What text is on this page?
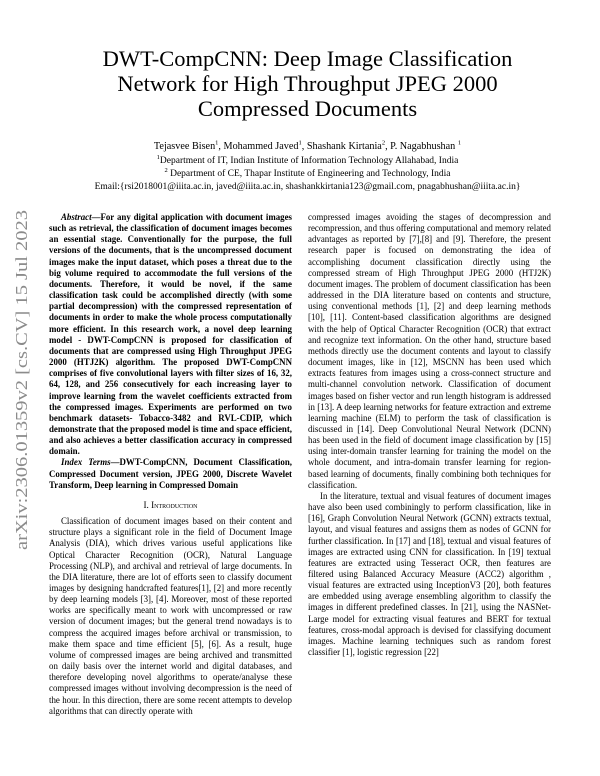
arXiv:2306.01359v2 [cs.CV] 15 Jul 2023
DWT-CompCNN: Deep Image Classification Network for High Throughput JPEG 2000 Compressed Documents
Tejasvee Bisen$^1$, Mohammed Javed$^1$, Shashank Kirtania$^2$, P. Nagabhushan $^1$
$^1$Department of IT, Indian Institute of Information Technology Allahabad, India
$^2$ Department of CE, Thapar Institute of Engineering and Technology, India
Email:{rsi2018001@iiita.ac.in, javed@iiita.ac.in, shashankkirtania123@gmail.com, pnagabhushan@iiita.ac.in}

Abstract—For any digital application with document images such as retrieval, the classification of document images becomes an essential stage. Conventionally for the purpose, the full versions of the documents, that is the uncompressed document images make the input dataset, which poses a threat due to the big volume required to accommodate the full versions of the documents. Therefore, it would be novel, if the same classification task could be accomplished directly (with some partial decompression) with the compressed representation of documents in order to make the whole process computationally more efficient. In this research work, a novel deep learning model - DWT-CompCNN is proposed for classification of documents that are compressed using High Throughput JPEG 2000 (HTJ2K) algorithm. The proposed DWT-CompCNN comprises of five convolutional layers with filter sizes of 16, 32, 64, 128, and 256 consecutively for each increasing layer to improve learning from the wavelet coefficients extracted from the compressed images. Experiments are performed on two benchmark datasets- Tobacco-3482 and RVL-CDIP, which demonstrate that the proposed model is time and space efficient, and also achieves a better classification accuracy in compressed domain.

Index Terms—DWT-CompCNN, Document Classification, Compressed Document version, JPEG 2000, Discrete Wavelet Transform, Deep learning in Compressed Domain

I. Introduction

Classification of document images based on their content and structure plays a significant role in the field of Document Image Analysis (DIA), which drives various useful applications like Optical Character Recognition (OCR), Natural Language Processing (NLP), and archival and retrieval of large documents. In the DIA literature, there are lot of efforts seen to classify document images by designing handcrafted features[1], [2] and more recently by deep learning models [3], [4]. Moreover, most of these reported works are specifically meant to work with uncompressed or raw version of document images; but the general trend nowadays is to compress the acquired images before archival or transmission, to make them space and time efficient [5], [6]. As a result, huge volume of compressed images are being archived and transmitted on daily basis over the internet world and digital databases, and therefore developing novel algorithms to operate/analyse these compressed images without involving decompression is the need of the hour. In this direction, there are some recent attempts to develop algorithms that can directly operate with

compressed images avoiding the stages of decompression and recompression, and thus offering computational and memory related advantages as reported by [7],[8] and [9]. Therefore, the present research paper is focused on demonstrating the idea of accomplishing document classification directly using the compressed stream of High Throughput JPEG 2000 (HTJ2K) document images. The problem of document classification has been addressed in the DIA literature based on contents and structure, using conventional methods [1], [2] and deep learning methods [10], [11]. Content-based classification algorithms are designed with the help of Optical Character Recognition (OCR) that extract and recognize text information. On the other hand, structure based methods directly use the document contents and layout to classify document images, like in [12], MSCNN has been used which extracts features from images using a cross-connect structure and multi-channel convolution network. Classification of document images based on fisher vector and run length histogram is addressed in [13]. A deep learning networks for feature extraction and extreme learning machine (ELM) to perform the task of classification is discussed in [14]. Deep Convolutional Neural Network (DCNN) has been used in the field of document image classification by [15] using inter-domain transfer learning for training the model on the whole document, and intra-domain transfer learning for region-based learning of documents, finally combining both techniques for classification.

In the literature, textual and visual features of document images have also been used combiningly to perform classification, like in [16], Graph Convolution Neural Network (GCNN) extracts textual, layout, and visual features and assigns them as nodes of GCNN for further classification. In [17] and [18], textual and visual features of images are extracted using CNN for classification. In [19] textual features are extracted using Tesseract OCR, then features are filtered using Balanced Accuracy Measure (ACC2) algorithm , visual features are extracted using InceptionV3 [20], both features are embedded using average ensembling algorithm to classify the images in different predefined classes. In [21], using the NASNet-Large model for extracting visual features and BERT for textual features, cross-modal approach is devised for classifying document images. Machine learning techniques such as random forest classifier [1], logistic regression [22]
